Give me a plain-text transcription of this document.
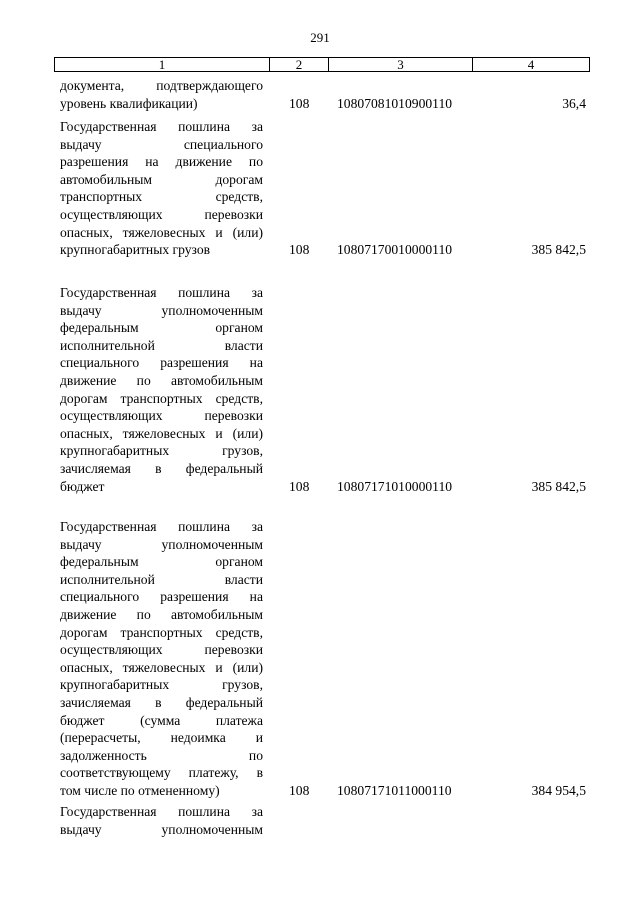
291
1	2	3	4
документа, подтверждающего
уровень квалификации)	108	10807081010900110	36,4
Государственная пошлина за
выдачу специального
разрешения на движение по
автомобильным дорогам
транспортных средств,
осуществляющих перевозки
опасных, тяжеловесных и (или)
крупногабаритных грузов	108	10807170010000110	385 842,5
Государственная пошлина за
выдачу уполномоченным
федеральным органом
исполнительной власти
специального разрешения на
движение по автомобильным
дорогам транспортных средств,
осуществляющих перевозки
опасных, тяжеловесных и (или)
крупногабаритных грузов,
зачисляемая в федеральный
бюджет	108	10807171010000110	385 842,5
Государственная пошлина за
выдачу уполномоченным
федеральным органом
исполнительной власти
специального разрешения на
движение по автомобильным
дорогам транспортных средств,
осуществляющих перевозки
опасных, тяжеловесных и (или)
крупногабаритных грузов,
зачисляемая в федеральный
бюджет (сумма платежа
(перерасчеты, недоимка и
задолженность по
соответствующему платежу, в
том числе по отмененному)	108	10807171011000110	384 954,5
Государственная пошлина за
выдачу уполномоченным
